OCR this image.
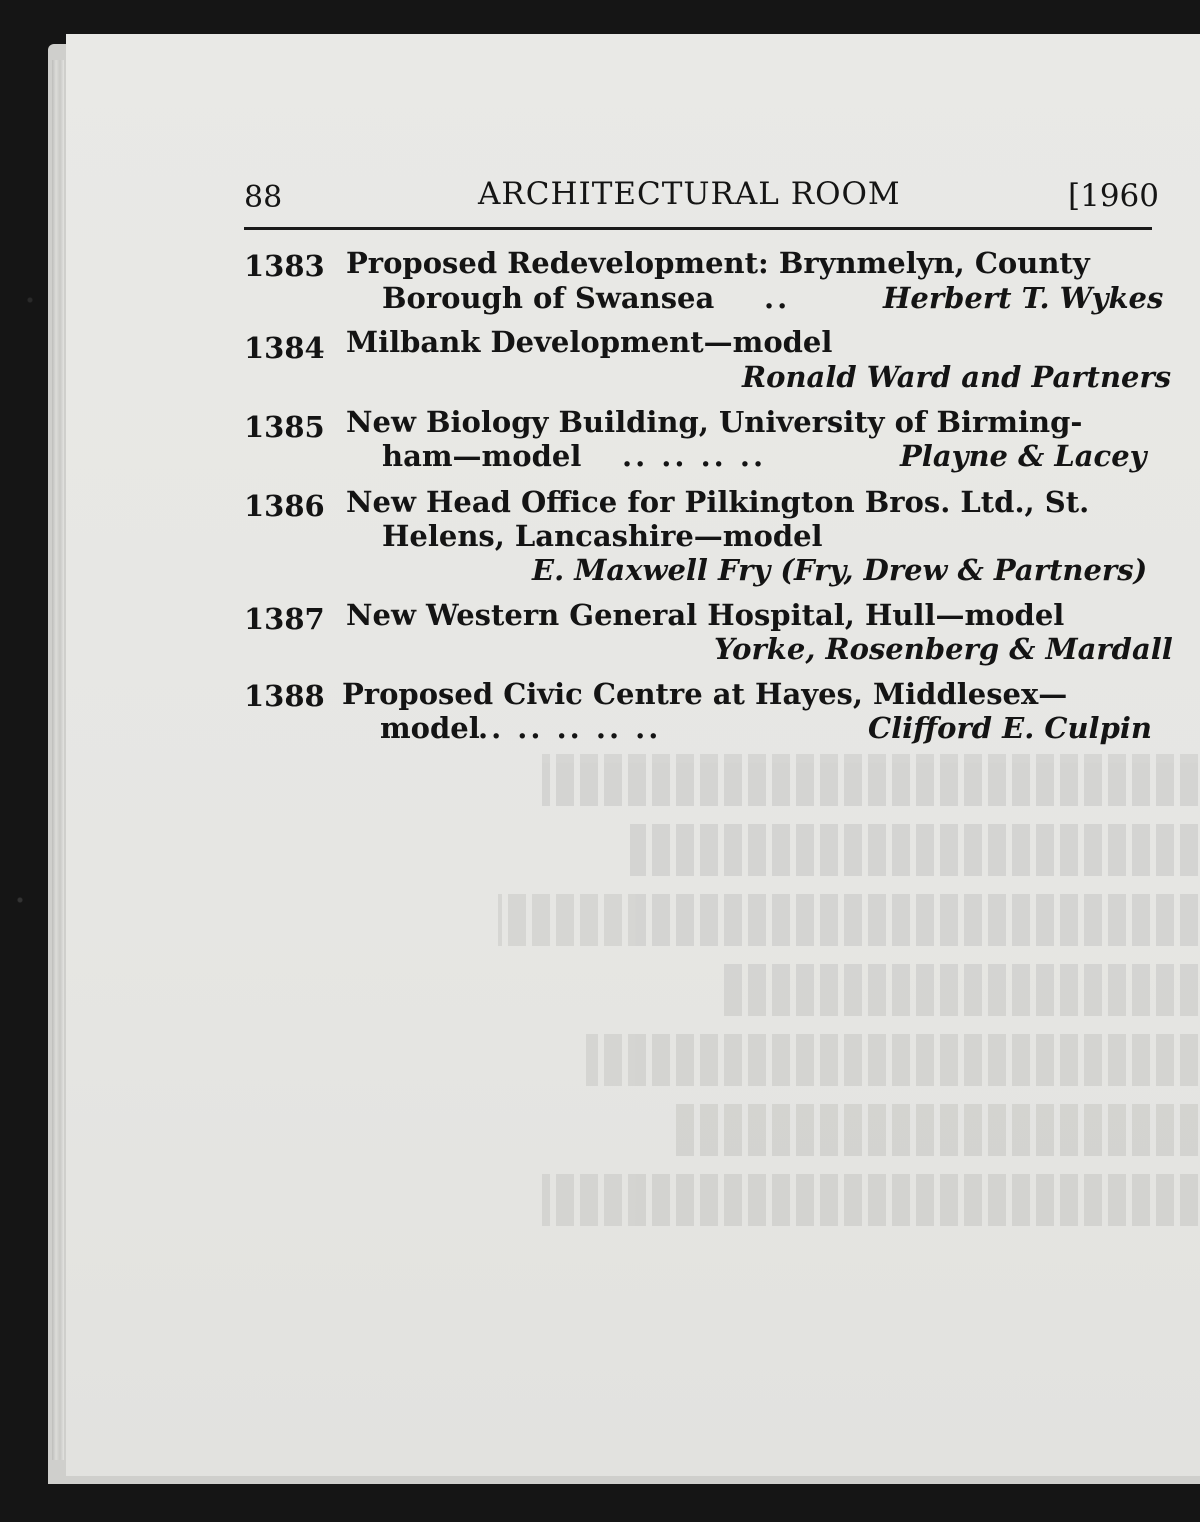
88	ARCHITECTURAL ROOM	[1960
1383 Proposed Redevelopment: Brynmelyn, County
Borough of Swansea ..	Herbert T. Wykes
1384 Milbank Development—model
Ronald Ward and Partners
1385 New Biology Building, University of Birming-
ham—model .. .. .. ..	Playne & Lacey
1386 New Head Office for Pilkington Bros. Ltd., St.
Helens, Lancashire—model
E. Maxwell Fry (Fry, Drew & Partners)
1387 New Western General Hospital, Hull—model
Yorke, Rosenberg & Mardall
1388 Proposed Civic Centre at Hayes, Middlesex—
model
.. .. .. .. ..	Clifford E. Culpin
